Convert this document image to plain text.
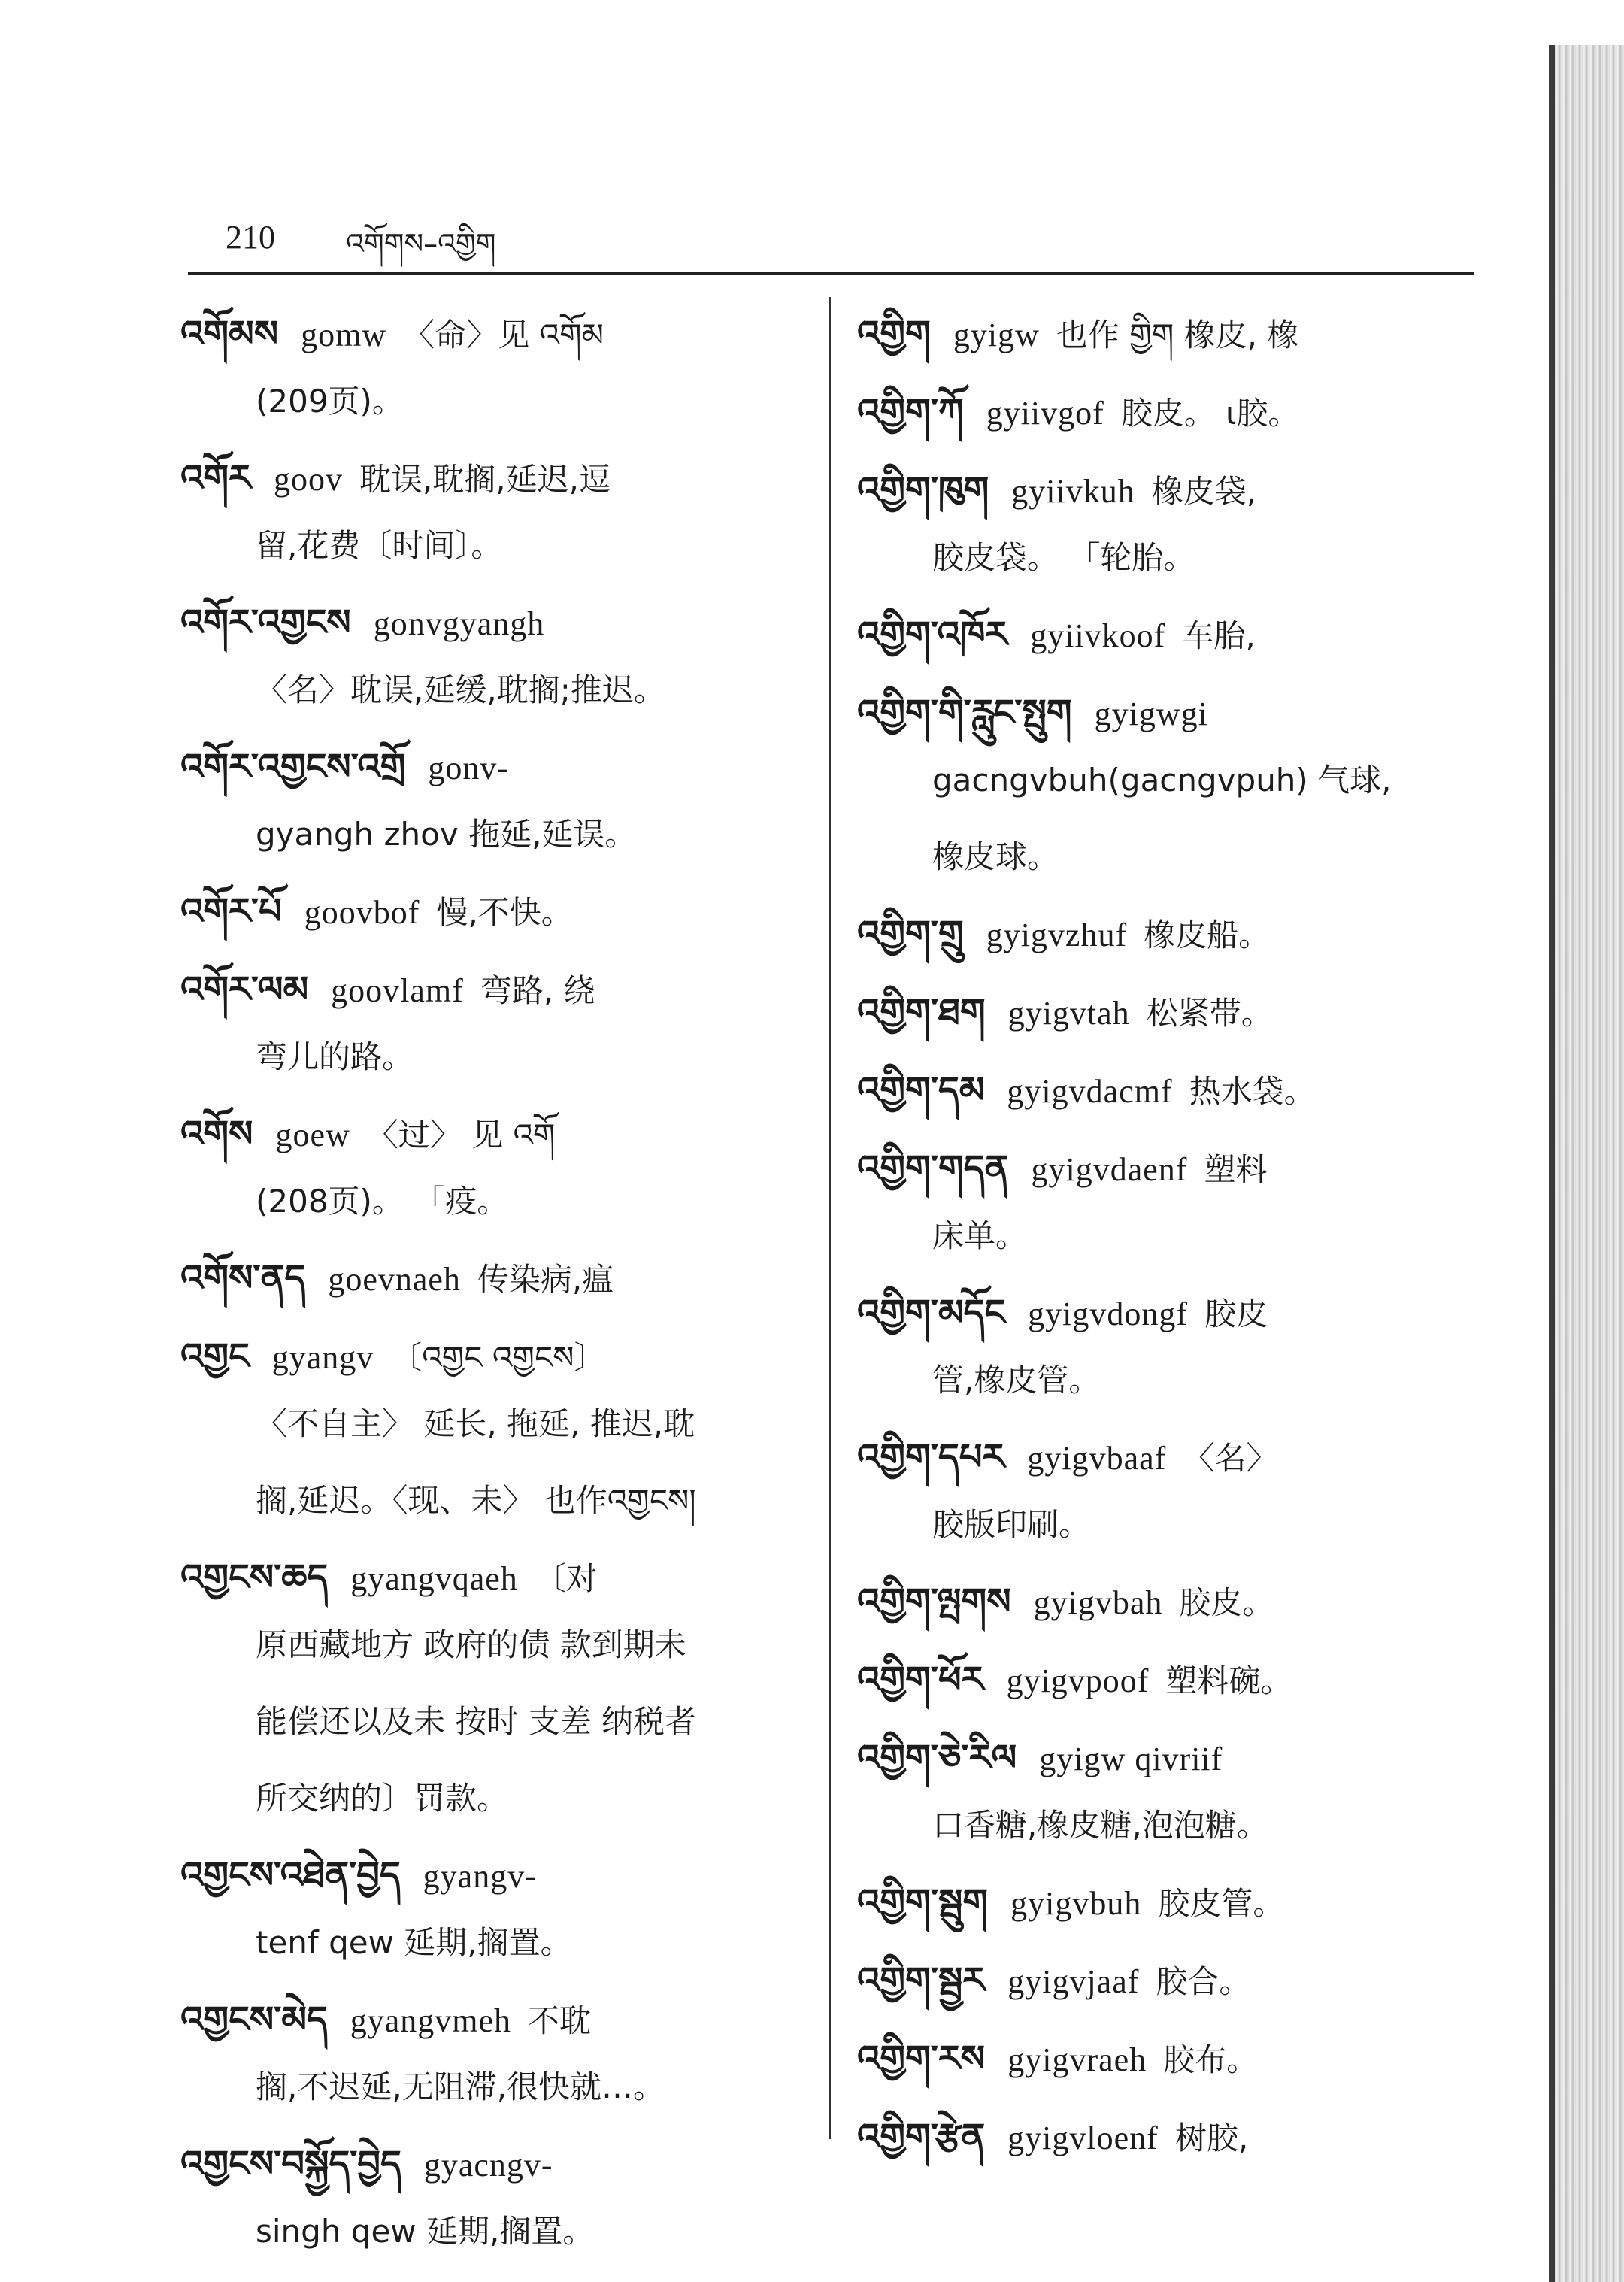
210 འགོགས–འགྱིག
འགོམས gomw 〈命〉见 འགོམ
(209页)。
འགོར goov 耽误,耽搁,延迟,逗
留,花费〔时间〕。
འགོར་འགྱངས gonvgyangh
〈名〉耽误,延缓,耽搁;推迟。
འགོར་འགྱངས་འགྲོ gonv-
gyangh zhov 拖延,延误。
འགོར་པོ goovbof 慢,不快。
འགོར་ལམ goovlamf 弯路, 绕
弯儿的路。
འགོས goew 〈过〉 见 འགོ
(208页)。 「疫。
འགོས་ནད goevnaeh 传染病,瘟
འགྱང gyangv 〔འགྱང འགྱངས〕
〈不自主〉 延长, 拖延, 推迟,耽
搁,延迟。〈现、未〉 也作འགྱངས།
འགྱངས་ཆད gyangvqaeh 〔对
原西藏地方 政府的债 款到期未
能偿还以及未 按时 支差 纳税者
所交纳的〕罚款。
འགྱངས་འཐེན་བྱེད gyangv-
tenf qew 延期,搁置。
འགྱངས་མེད gyangvmeh 不耽
搁,不迟延,无阻滞,很快就…。
འགྱངས་བསྐྱོད་བྱེད gyacngv-
singh qew 延期,搁置。
འགྱིག gyigw 也作 གྱིག 橡皮, 橡
འགྱིག་ཀོ gyiivgof 胶皮。 ι胶。
འགྱིག་ཁུག gyiivkuh 橡皮袋,
胶皮袋。 「轮胎。
འགྱིག་འཁོར gyiivkoof 车胎,
འགྱིག་གི་རླུང་སྤུག gyigwgi
gacngvbuh(gacngvpuh) 气球,
橡皮球。
འགྱིག་གྲུ gyigvzhuf 橡皮船。
འགྱིག་ཐག gyigvtah 松紧带。
འགྱིག་དམ gyigvdacmf 热水袋。
འགྱིག་གདན gyigvdaenf 塑料
床单。
འགྱིག་མདོང gyigvdongf 胶皮
管,橡皮管。
འགྱིག་དཔར gyigvbaaf 〈名〉
胶版印刷。
འགྱིག་ལྤགས gyigvbah 胶皮。
འགྱིག་ཕོར gyigvpoof 塑料碗。
འགྱིག་ཅེ་རིལ gyigw qivriif
口香糖,橡皮糖,泡泡糖。
འགྱིག་སྦུག gyigvbuh 胶皮管。
འགྱིག་སྦྱར gyigvjaaf 胶合。
འགྱིག་རས gyigvraeh 胶布。
འགྱིག་རྩེན gyigvloenf 树胶,
